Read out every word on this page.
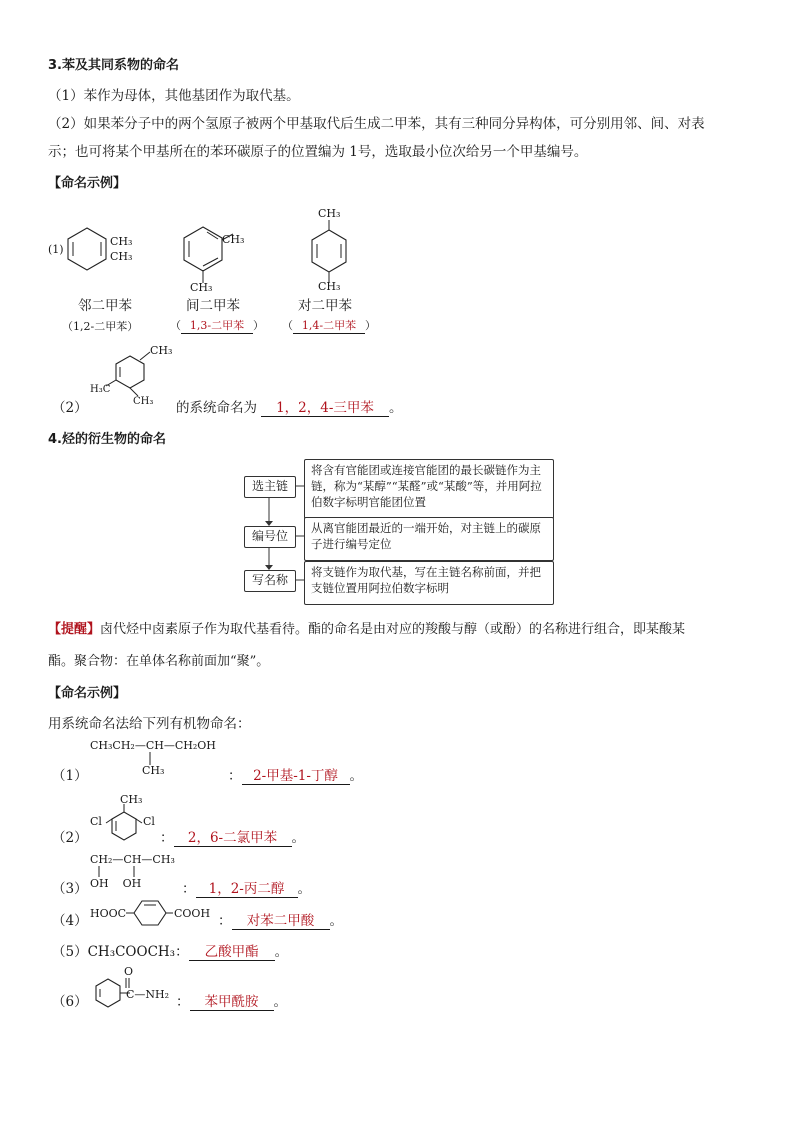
3.苯及其同系物的命名
（1）苯作为母体，其他基团作为取代基。
（2）如果苯分子中的两个氢原子被两个甲基取代后生成二甲苯，其有三种同分异构体，可分别用邻、间、对表
示；也可将某个甲基所在的苯环碳原子的位置编为 1号，选取最小位次给另一个甲基编号。
【命名示例】
(1)
CH₃
CH₃
邻二甲苯
（1,2-二甲苯）
CH₃
CH₃
间二甲苯
（ 1,3-二甲苯 ）
CH₃
CH₃
对二甲苯
（ 1,4-二甲苯 ）
CH₃
H₃C
CH₃
（2）	的系统命名为 1，2，4-三甲苯 。
4.烃的衍生物的命名
选主链
将含有官能团或连接官能团的最长碳链作为主链，称为“某醇”“某醛”或“某酸”等，并用阿拉伯数字标明官能团位置
编号位
从离官能团最近的一端开始，对主链上的碳原子进行编号定位
写名称
将支链作为取代基，写在主链名称前面，并把支链位置用阿拉伯数字标明
【提醒】卤代烃中卤素原子作为取代基看待。酯的命名是由对应的羧酸与醇（或酚）的名称进行组合，即某酸某
酯。聚合物：在单体名称前面加“聚”。
【命名示例】
用系统命名法给下列有机物命名：
CH₃CH₂—CH—CH₂OH
CH₃
（1）	： 2-甲基-1-丁醇 。
CH₃
Cl	Cl
（2）	： 2，6-二氯甲苯 。
CH₂—CH—CH₃
OH    OH
（3）	： 1，2-丙二醇 。
（4） HOOC	COOH ： 对苯二甲酸 。
（5）CH₃COOCH₃： 乙酸甲酯 。
O
C—NH₂
（6）	： 苯甲酰胺 。
